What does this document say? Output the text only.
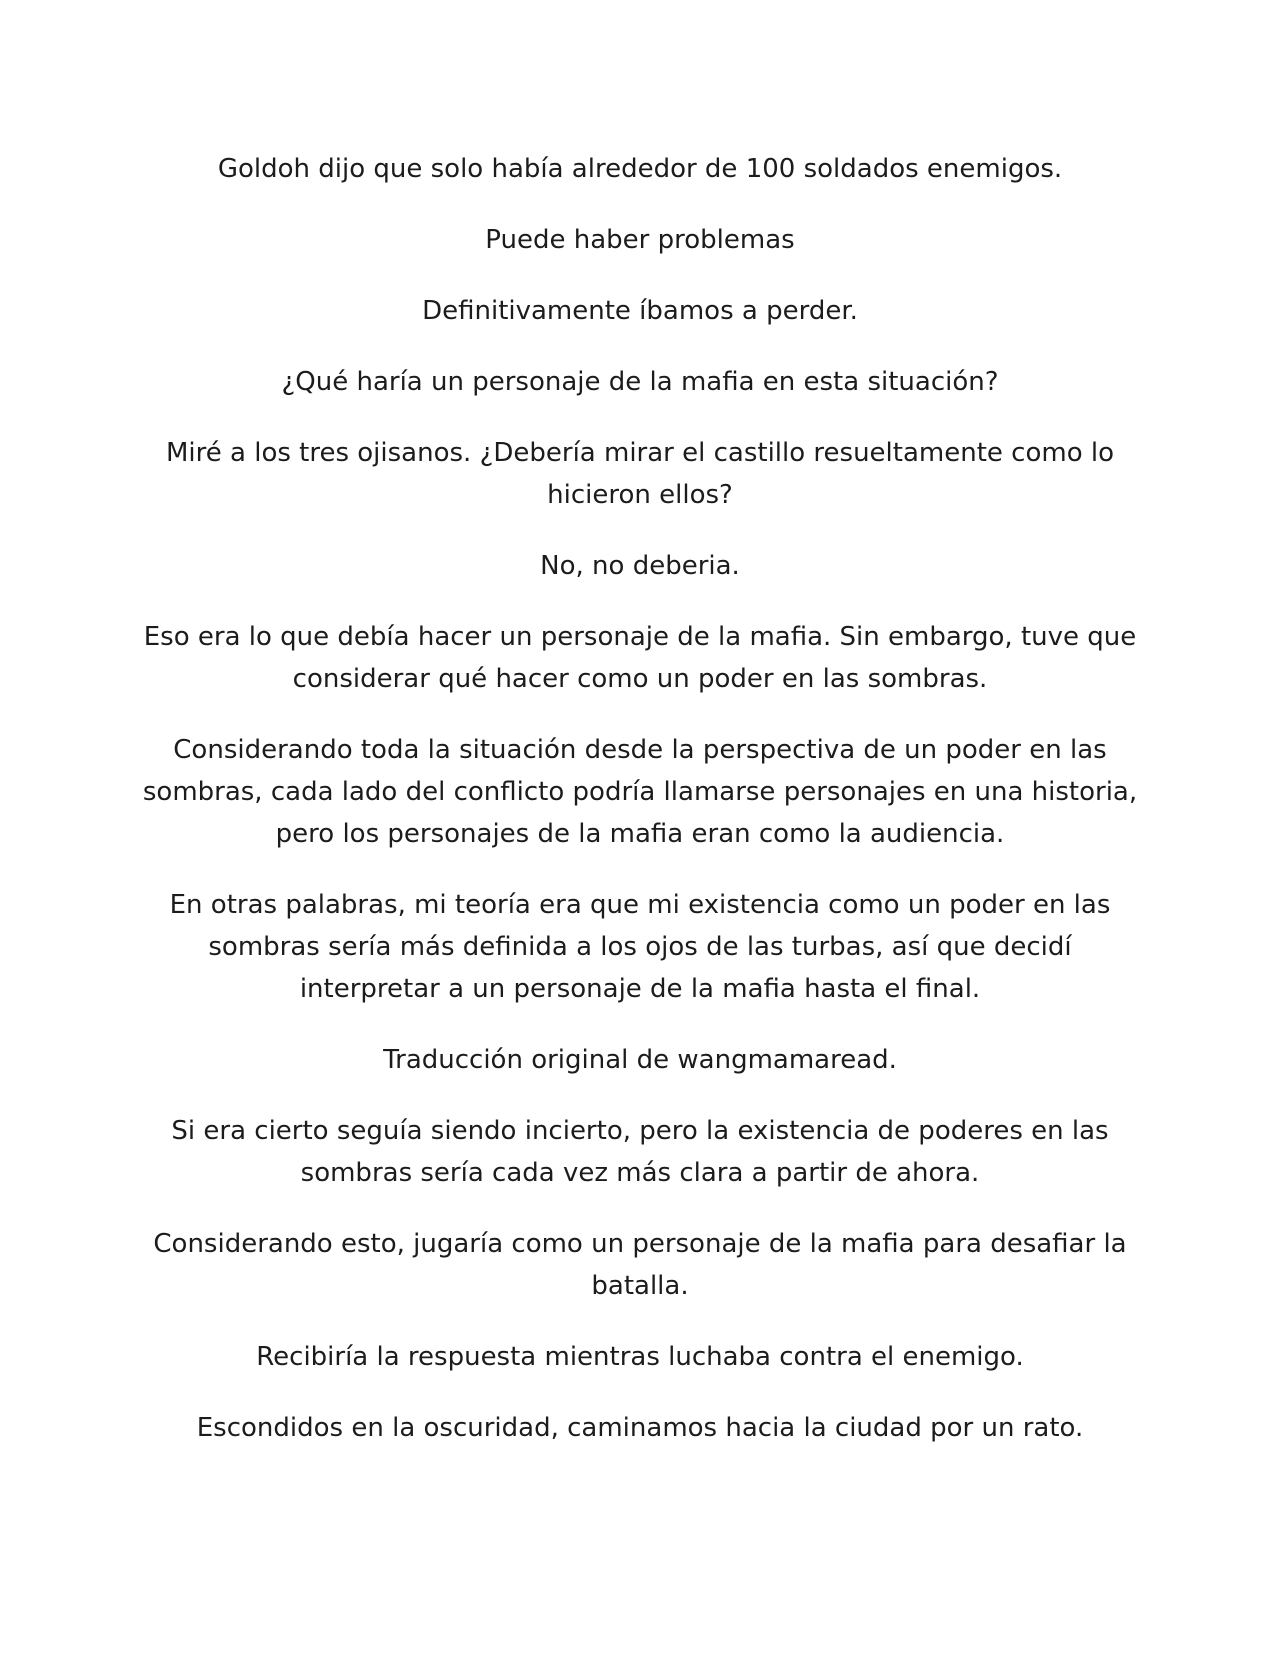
Goldoh dijo que solo había alrededor de 100 soldados enemigos.

Puede haber problemas

Definitivamente íbamos a perder.

¿Qué haría un personaje de la mafia en esta situación?

Miré a los tres ojisanos. ¿Debería mirar el castillo resueltamente como lo hicieron ellos?

No, no deberia.

Eso era lo que debía hacer un personaje de la mafia. Sin embargo, tuve que considerar qué hacer como un poder en las sombras.

Considerando toda la situación desde la perspectiva de un poder en las sombras, cada lado del conflicto podría llamarse personajes en una historia, pero los personajes de la mafia eran como la audiencia.

En otras palabras, mi teoría era que mi existencia como un poder en las sombras sería más definida a los ojos de las turbas, así que decidí interpretar a un personaje de la mafia hasta el final.

Traducción original de wangmamaread.

Si era cierto seguía siendo incierto, pero la existencia de poderes en las sombras sería cada vez más clara a partir de ahora.

Considerando esto, jugaría como un personaje de la mafia para desafiar la batalla.

Recibiría la respuesta mientras luchaba contra el enemigo.

Escondidos en la oscuridad, caminamos hacia la ciudad por un rato.
